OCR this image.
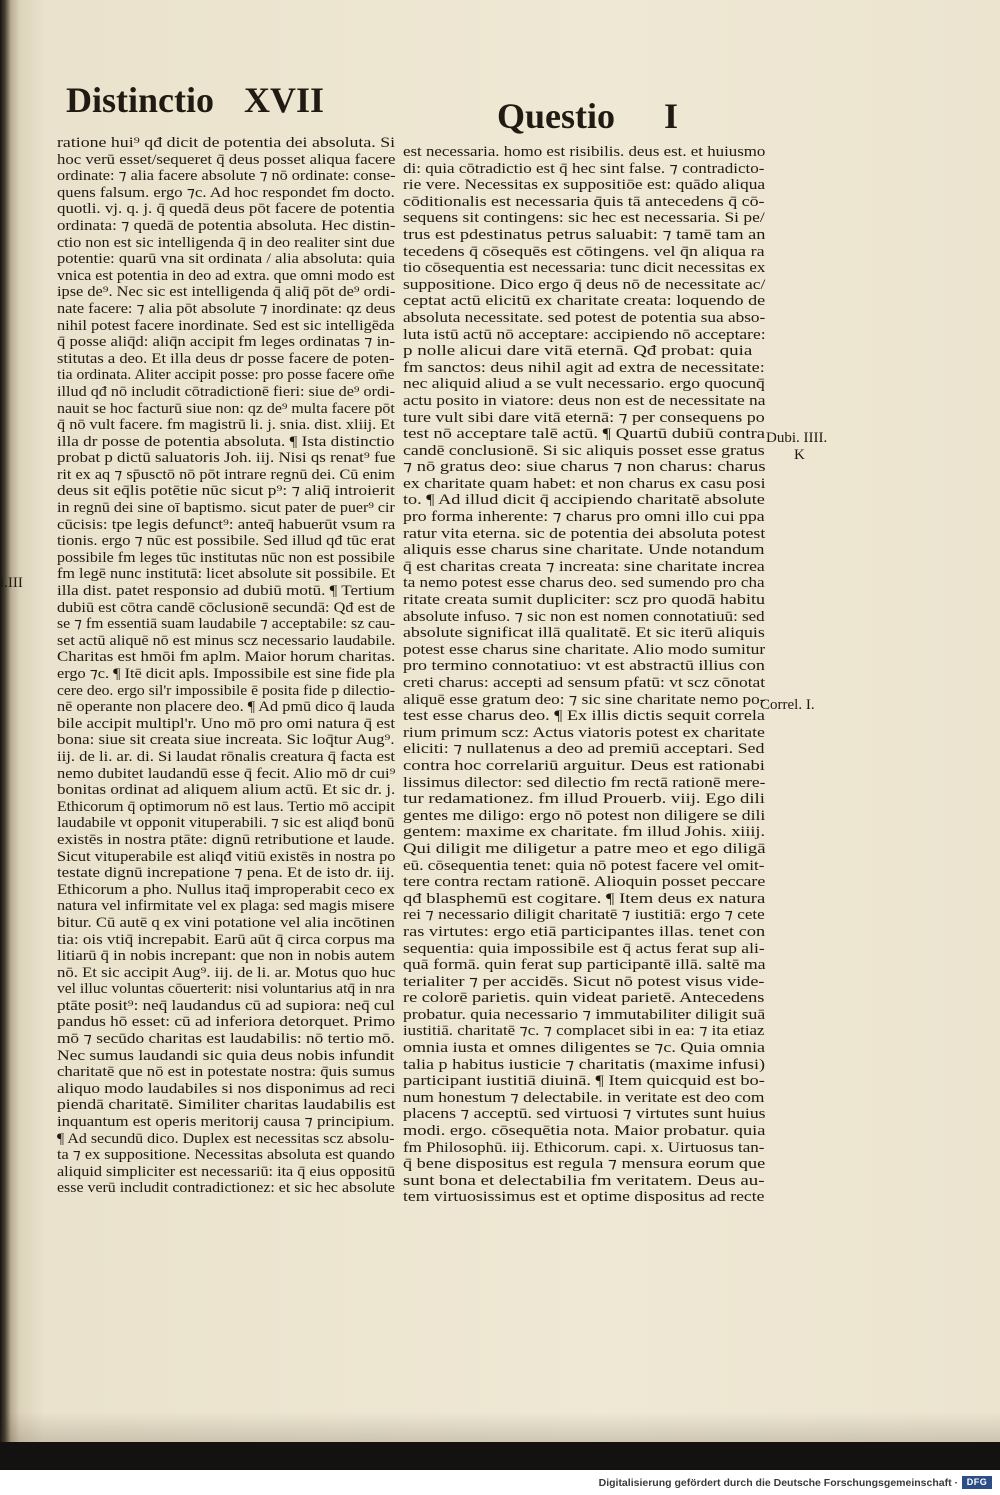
Distinctio XVII	Questio I
ratione hui⁹ qđ dicit de potentia dei absoluta. Si
hoc verū esset/sequeret q̄ deus posset aliqua facere
ordinate: ⁊ alia facere absolute ⁊ nō ordinate: conse-
quens falsum. ergo ⁊c. Ad hoc respondet fm docto.
quotli. vj. q. j. q̄ quedā deus pōt facere de potentia
ordinata: ⁊ quedā de potentia absoluta. Hec distin-
ctio non est sic intelligenda q̄ in deo realiter sint due
potentie: quarū vna sit ordinata / alia absoluta: quia
vnica est potentia in deo ad extra. que omni modo est
ipse de⁹. Nec sic est intelligenda q̄ aliq̄ pōt de⁹ ordi-
nate facere: ⁊ alia pōt absolute ⁊ inordinate: qz deus
nihil potest facere inordinate. Sed est sic intelligēda
q̄ posse aliq̄d: aliq̄n accipit fm leges ordinatas ⁊ in-
stitutas a deo. Et illa deus dr posse facere de poten-
tia ordinata. Aliter accipit posse: pro posse facere om̄e
illud qđ nō includit cōtradictionē fieri: siue de⁹ ordi-
nauit se hoc facturū siue non: qz de⁹ multa facere pōt
q̄ nō vult facere. fm magistrū li. j. snia. dist. xliij. Et
illa dr posse de potentia absoluta. ¶ Ista distinctio
probat p dictū saluatoris Joh. iij. Nisi qs renat⁹ fue
rit ex aq ⁊ sp̄usctō nō pōt intrare regnū dei. Cū enim
deus sit eq̄lis potētie nūc sicut p⁹: ⁊ aliq̄ introierit
in regnū dei sine oī baptismo. sicut pater de puer⁹ cir
cūcisis: tpe legis defunct⁹: anteq̄ habuerūt vsum ra
tionis. ergo ⁊ nūc est possibile. Sed illud qđ tūc erat
possibile fm leges tūc institutas nūc non est possibile
fm legē nunc institutā: licet absolute sit possibile. Et
illa dist. patet responsio ad dubiū motū. ¶ Tertium
dubiū est cōtra candē cōclusionē secundā: Qđ est de
se ⁊ fm essentiā suam laudabile ⁊ acceptabile: sz cau-
set actū aliquē nō est minus scz necessario laudabile.
Charitas est hmōi fm aplm. Maior horum charitas.
ergo ⁊c. ¶ Itē dicit apls. Impossibile est sine fide pla
cere deo. ergo sil'r impossibile ē posita fide p dilectio-
nē operante non placere deo. ¶ Ad pmū dico q̄ lauda
bile accipit multipl'r. Uno mō pro omi natura q̄ est
bona: siue sit creata siue increata. Sic loq̄tur Aug⁹.
iij. de li. ar. di. Si laudat rōnalis creatura q̄ facta est
nemo dubitet laudandū esse q̄ fecit. Alio mō dr cui⁹
bonitas ordinat ad aliquem alium actū. Et sic dr. j.
Ethicorum q̄ optimorum nō est laus. Tertio mō accipit
laudabile vt opponit vituperabili. ⁊ sic est aliqđ bonū
existēs in nostra ptāte: dignū retributione et laude.
Sicut vituperabile est aliqđ vitiū existēs in nostra po
testate dignū increpatione ⁊ pena. Et de isto dr. iij.
Ethicorum a pho. Nullus itaq̄ improperabit ceco ex
natura vel infirmitate vel ex plaga: sed magis misere
bitur. Cū autē q ex vini potatione vel alia incōtinen
tia: ois vtiq̄ increpabit. Earū aūt q̄ circa corpus ma
litiarū q̄ in nobis increpant: que non in nobis autem
nō. Et sic accipit Aug⁹. iij. de li. ar. Motus quo huc
vel illuc voluntas cōuerterit: nisi voluntarius atq̄ in nra
ptāte posit⁹: neq̄ laudandus cū ad supiora: neq̄ cul
pandus hō esset: cū ad inferiora detorquet. Primo
mō ⁊ secūdo charitas est laudabilis: nō tertio mō.
Nec sumus laudandi sic quia deus nobis infundit
charitatē que nō est in potestate nostra: q̄uis sumus
aliquo modo laudabiles si nos disponimus ad reci
piendā charitatē. Similiter charitas laudabilis est
inquantum est operis meritorij causa ⁊ principium.
¶ Ad secundū dico. Duplex est necessitas scz absolu-
ta ⁊ ex suppositione. Necessitas absoluta est quando
aliquid simpliciter est necessariū: ita q̄ eius oppositū
esse verū includit contradictionez: et sic hec absolute
est necessaria. homo est risibilis. deus est. et huiusmo
di: quia cōtradictio est q̄ hec sint false. ⁊ contradicto-
rie vere. Necessitas ex suppositiōe est: quādo aliqua
cōditionalis est necessaria q̄uis tā antecedens q̄ cō-
sequens sit contingens: sic hec est necessaria. Si pe/
trus est pdestinatus petrus saluabit: ⁊ tamē tam an
tecedens q̄ cōsequēs est cōtingens. vel q̄n aliqua ra
tio cōsequentia est necessaria: tunc dicit necessitas ex
suppositione. Dico ergo q̄ deus nō de necessitate ac/
ceptat actū elicitū ex charitate creata: loquendo de
absoluta necessitate. sed potest de potentia sua abso-
luta istū actū nō acceptare: accipiendo nō acceptare:
p nolle alicui dare vitā eternā. Qđ probat: quia
fm sanctos: deus nihil agit ad extra de necessitate:
nec aliquid aliud a se vult necessario. ergo quocunq̄
actu posito in viatore: deus non est de necessitate na
ture vult sibi dare vitā eternā: ⁊ per consequens po
test nō acceptare talē actū. ¶ Quartū dubiū contra
candē conclusionē. Si sic aliquis posset esse gratus
⁊ nō gratus deo: siue charus ⁊ non charus: charus
ex charitate quam habet: et non charus ex casu posi
to. ¶ Ad illud dicit q̄ accipiendo charitatē absolute
pro forma inherente: ⁊ charus pro omni illo cui ppa
ratur vita eterna. sic de potentia dei absoluta potest
aliquis esse charus sine charitate. Unde notandum
q̄ est charitas creata ⁊ increata: sine charitate increa
ta nemo potest esse charus deo. sed sumendo pro cha
ritate creata sumit dupliciter: scz pro quodā habitu
absolute infuso. ⁊ sic non est nomen connotatiuū: sed
absolute significat illā qualitatē. Et sic iterū aliquis
potest esse charus sine charitate. Alio modo sumitur
pro termino connotatiuo: vt est abstractū illius con
creti charus: accepti ad sensum pfatū: vt scz cōnotat
aliquē esse gratum deo: ⁊ sic sine charitate nemo po-
test esse charus deo. ¶ Ex illis dictis sequit correla
rium primum scz: Actus viatoris potest ex charitate
eliciti: ⁊ nullatenus a deo ad premiū acceptari. Sed
contra hoc correlariū arguitur. Deus est rationabi
lissimus dilector: sed dilectio fm rectā rationē mere-
tur redamationez. fm illud Prouerb. viij. Ego dili
gentes me diligo: ergo nō potest non diligere se dili
gentem: maxime ex charitate. fm illud Johis. xiiij.
Qui diligit me diligetur a patre meo et ego diligā
eū. cōsequentia tenet: quia nō potest facere vel omit-
tere contra rectam rationē. Alioquin posset peccare
qđ blasphemū est cogitare. ¶ Item deus ex natura
rei ⁊ necessario diligit charitatē ⁊ iustitiā: ergo ⁊ cete
ras virtutes: ergo etiā participantes illas. tenet con
sequentia: quia impossibile est q̄ actus ferat sup ali-
quā formā. quin ferat sup participantē illā. saltē ma
terialiter ⁊ per accidēs. Sicut nō potest visus vide-
re colorē parietis. quin videat parietē. Antecedens
probatur. quia necessario ⁊ immutabiliter diligit suā
iustitiā. charitatē ⁊c. ⁊ complacet sibi in ea: ⁊ ita etiaz
omnia iusta et omnes diligentes se ⁊c. Quia omnia
talia p habitus iusticie ⁊ charitatis (maxime infusi)
participant iustitiā diuinā. ¶ Item quicquid est bo-
num honestum ⁊ delectabile. in veritate est deo com
placens ⁊ acceptū. sed virtuosi ⁊ virtutes sunt huius
modi. ergo. cōsequētia nota. Maior probatur. quia
fm Philosophū. iij. Ethicorum. capi. x. Uirtuosus tan-
q̄ bene dispositus est regula ⁊ mensura eorum que
sunt bona et delectabilia fm veritatem. Deus au-
tem virtuosissimus est et optime dispositus ad recte
i.III
Dubi. IIII.
K
Correl. I.
Digitalisierung gefördert durch die Deutsche Forschungsgemeinschaft · DFG
